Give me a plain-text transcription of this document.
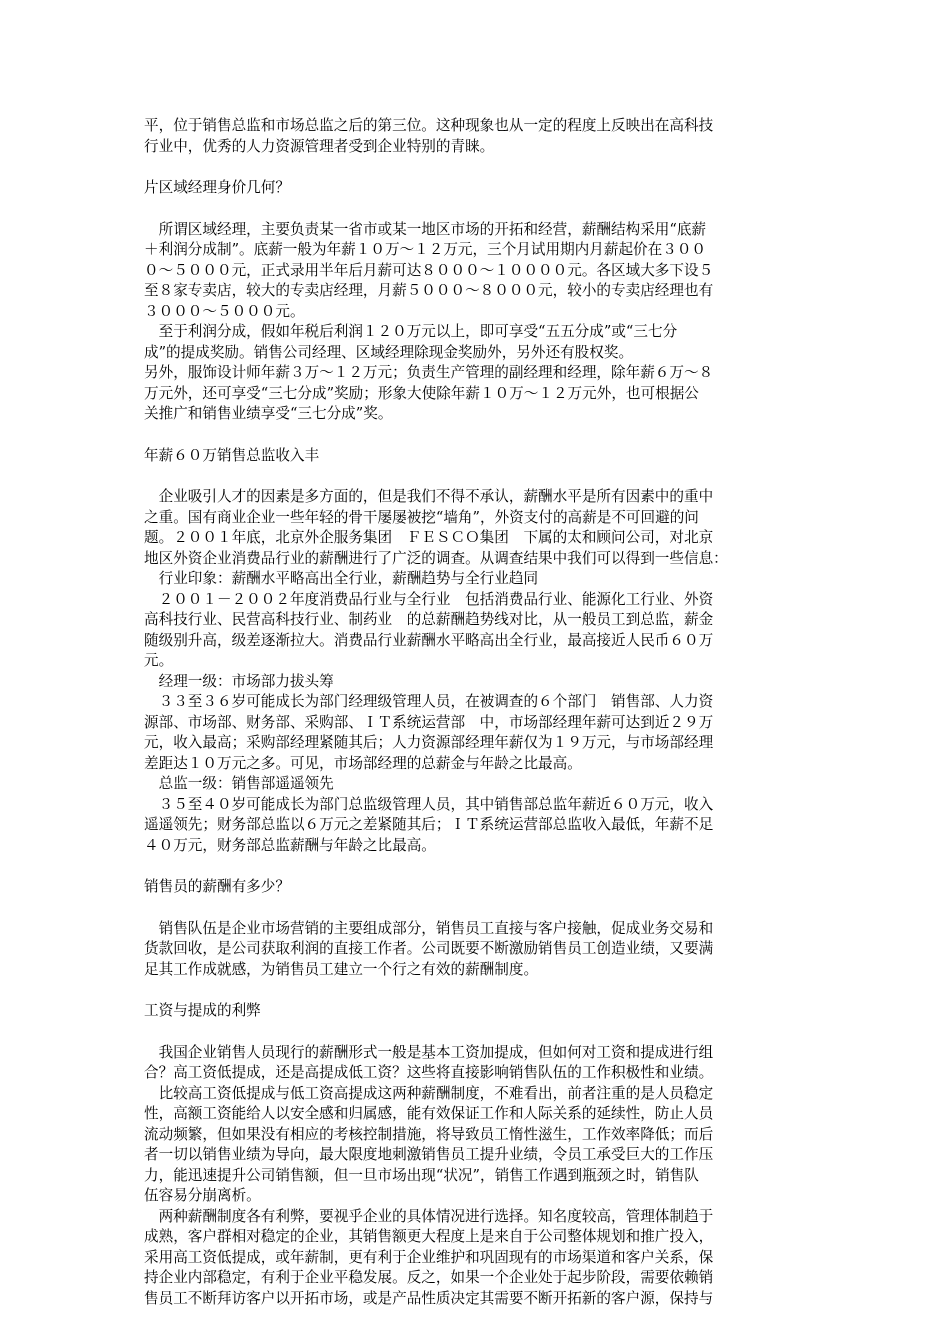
平，位于销售总监和市场总监之后的第三位。这种现象也从一定的程度上反映出在高科技
行业中，优秀的人力资源管理者受到企业特别的青睐。
片区域经理身价几何？
　所谓区域经理，主要负责某一省市或某一地区市场的开拓和经营，薪酬结构采用“底薪
＋利润分成制”。底薪一般为年薪１０万～１２万元，三个月试用期内月薪起价在３００
０～５０００元，正式录用半年后月薪可达８０００～１００００元。各区域大多下设５
至８家专卖店，较大的专卖店经理，月薪５０００～８０００元，较小的专卖店经理也有
３０００～５０００元。
　至于利润分成，假如年税后利润１２０万元以上，即可享受“五五分成”或“三七分
成”的提成奖励。销售公司经理、区域经理除现金奖励外，另外还有股权奖。
另外，服饰设计师年薪３万～１２万元；负责生产管理的副经理和经理，除年薪６万～８
万元外，还可享受“三七分成”奖励；形象大使除年薪１０万～１２万元外，也可根据公
关推广和销售业绩享受“三七分成”奖。
年薪６０万销售总监收入丰
　企业吸引人才的因素是多方面的，但是我们不得不承认，薪酬水平是所有因素中的重中
之重。国有商业企业一些年轻的骨干屡屡被挖“墙角”，外资支付的高薪是不可回避的问
题。２００１年底，北京外企服务集团　ＦＥＳＣＯ集团　下属的太和顾问公司，对北京
地区外资企业消费品行业的薪酬进行了广泛的调查。从调查结果中我们可以得到一些信息：
　行业印象：薪酬水平略高出全行业，薪酬趋势与全行业趋同
　２００１－２００２年度消费品行业与全行业　包括消费品行业、能源化工行业、外资
高科技行业、民营高科技行业、制药业　的总薪酬趋势线对比，从一般员工到总监，薪金
随级别升高，级差逐渐拉大。消费品行业薪酬水平略高出全行业，最高接近人民币６０万
元。
　经理一级：市场部力拔头筹
　３３至３６岁可能成长为部门经理级管理人员，在被调查的６个部门　销售部、人力资
源部、市场部、财务部、采购部、ＩＴ系统运营部　中，市场部经理年薪可达到近２９万
元，收入最高；采购部经理紧随其后；人力资源部经理年薪仅为１９万元，与市场部经理
差距达１０万元之多。可见，市场部经理的总薪金与年龄之比最高。
　总监一级：销售部遥遥领先
　３５至４０岁可能成长为部门总监级管理人员，其中销售部总监年薪近６０万元，收入
遥遥领先；财务部总监以６万元之差紧随其后；ＩＴ系统运营部总监收入最低，年薪不足
４０万元，财务部总监薪酬与年龄之比最高。
销售员的薪酬有多少？
　销售队伍是企业市场营销的主要组成部分，销售员工直接与客户接触，促成业务交易和
货款回收，是公司获取利润的直接工作者。公司既要不断激励销售员工创造业绩，又要满
足其工作成就感，为销售员工建立一个行之有效的薪酬制度。
工资与提成的利弊
　我国企业销售人员现行的薪酬形式一般是基本工资加提成，但如何对工资和提成进行组
合？高工资低提成，还是高提成低工资？这些将直接影响销售队伍的工作积极性和业绩。
　比较高工资低提成与低工资高提成这两种薪酬制度，不难看出，前者注重的是人员稳定
性，高额工资能给人以安全感和归属感，能有效保证工作和人际关系的延续性，防止人员
流动频繁，但如果没有相应的考核控制措施，将导致员工惰性滋生，工作效率降低；而后
者一切以销售业绩为导向，最大限度地刺激销售员工提升业绩，令员工承受巨大的工作压
力，能迅速提升公司销售额，但一旦市场出现“状况”，销售工作遇到瓶颈之时，销售队
伍容易分崩离析。
　两种薪酬制度各有利弊，要视乎企业的具体情况进行选择。知名度较高，管理体制趋于
成熟，客户群相对稳定的企业，其销售额更大程度上是来自于公司整体规划和推广投入，
采用高工资低提成，或年薪制，更有利于企业维护和巩固现有的市场渠道和客户关系，保
持企业内部稳定，有利于企业平稳发展。反之，如果一个企业处于起步阶段，需要依赖销
售员工不断拜访客户以开拓市场，或是产品性质决定其需要不断开拓新的客户源，保持与
